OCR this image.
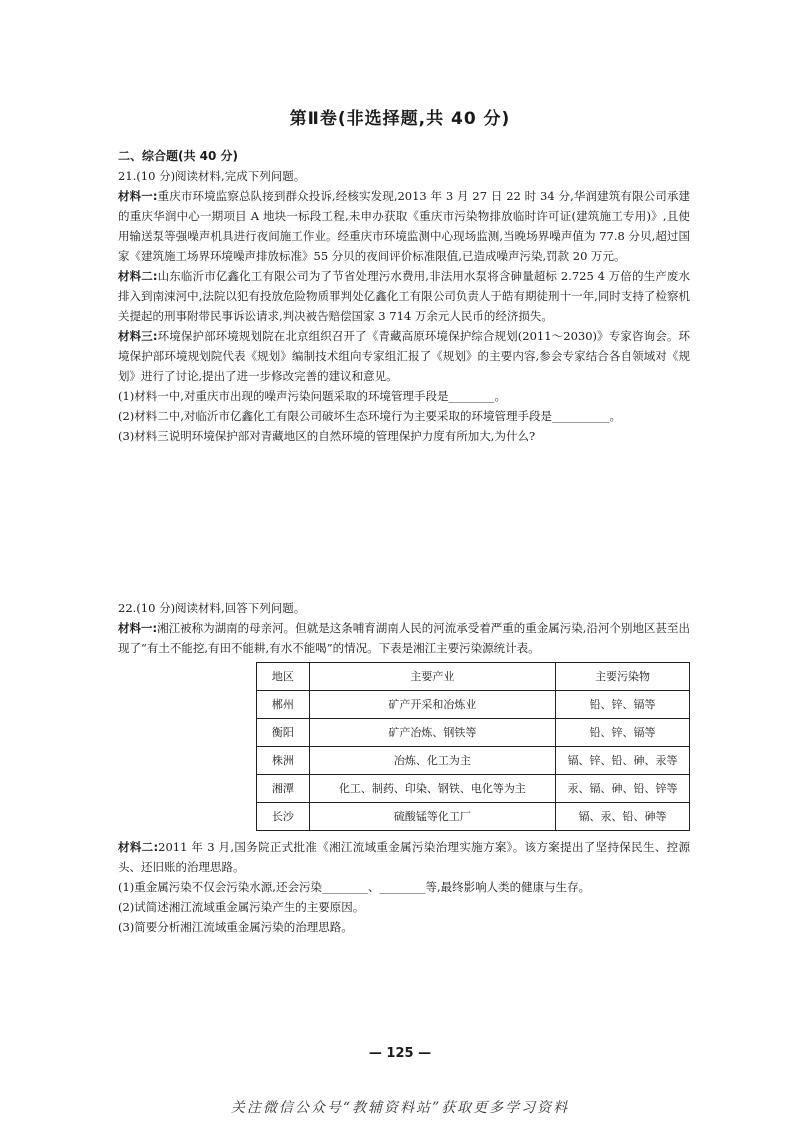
第Ⅱ卷(非选择题,共 40 分)
二、综合题(共 40 分)

21.(10 分)阅读材料,完成下列问题。

材料一:重庆市环境监察总队接到群众投诉,经核实发现,2013 年 3 月 27 日 22 时 34 分,华润建筑有限公司承建的重庆华润中心一期项目 A 地块一标段工程,未申办获取《重庆市污染物排放临时许可证(建筑施工专用)》,且使用输送泵等强噪声机具进行夜间施工作业。经重庆市环境监测中心现场监测,当晚场界噪声值为 77.8 分贝,超过国家《建筑施工场界环境噪声排放标准》55 分贝的夜间评价标准限值,已造成噪声污染,罚款 20 万元。

材料二:山东临沂市亿鑫化工有限公司为了节省处理污水费用,非法用水泵将含砷量超标 2.725 4 万倍的生产废水排入到南涑河中,法院以犯有投放危险物质罪判处亿鑫化工有限公司负责人于皓有期徒刑十一年,同时支持了检察机关提起的刑事附带民事诉讼请求,判决被告赔偿国家 3 714 万余元人民币的经济损失。

材料三:环境保护部环境规划院在北京组织召开了《青藏高原环境保护综合规划(2011～2030)》专家咨询会。环境保护部环境规划院代表《规划》编制技术组向专家组汇报了《规划》的主要内容,参会专家结合各自领域对《规划》进行了讨论,提出了进一步修改完善的建议和意见。

(1)材料一中,对重庆市出现的噪声污染问题采取的环境管理手段是________。

(2)材料二中,对临沂市亿鑫化工有限公司破坏生态环境行为主要采取的环境管理手段是__________。

(3)材料三说明环境保护部对青藏地区的自然环境的管理保护力度有所加大,为什么?

22.(10 分)阅读材料,回答下列问题。

材料一:湘江被称为湖南的母亲河。但就是这条哺育湖南人民的河流承受着严重的重金属污染,沿河个别地区甚至出现了“有土不能挖,有田不能耕,有水不能喝”的情况。下表是湘江主要污染源统计表。

地区	主要产业	主要污染物
郴州	矿产开采和冶炼业	铅、锌、镉等
衡阳	矿产冶炼、钢铁等	铅、锌、镉等
株洲	冶炼、化工为主	镉、锌、铅、砷、汞等
湘潭	化工、制药、印染、钢铁、电化等为主	汞、镉、砷、铅、锌等
长沙	硫酸锰等化工厂	镉、汞、铅、砷等

材料二:2011 年 3 月,国务院正式批准《湘江流域重金属污染治理实施方案》。该方案提出了坚持保民生、控源头、还旧账的治理思路。

(1)重金属污染不仅会污染水源,还会污染________、________等,最终影响人类的健康与生存。

(2)试简述湘江流域重金属污染产生的主要原因。

(3)简要分析湘江流域重金属污染的治理思路。

— 125 —
关注微信公众号“教辅资料站”获取更多学习资料
